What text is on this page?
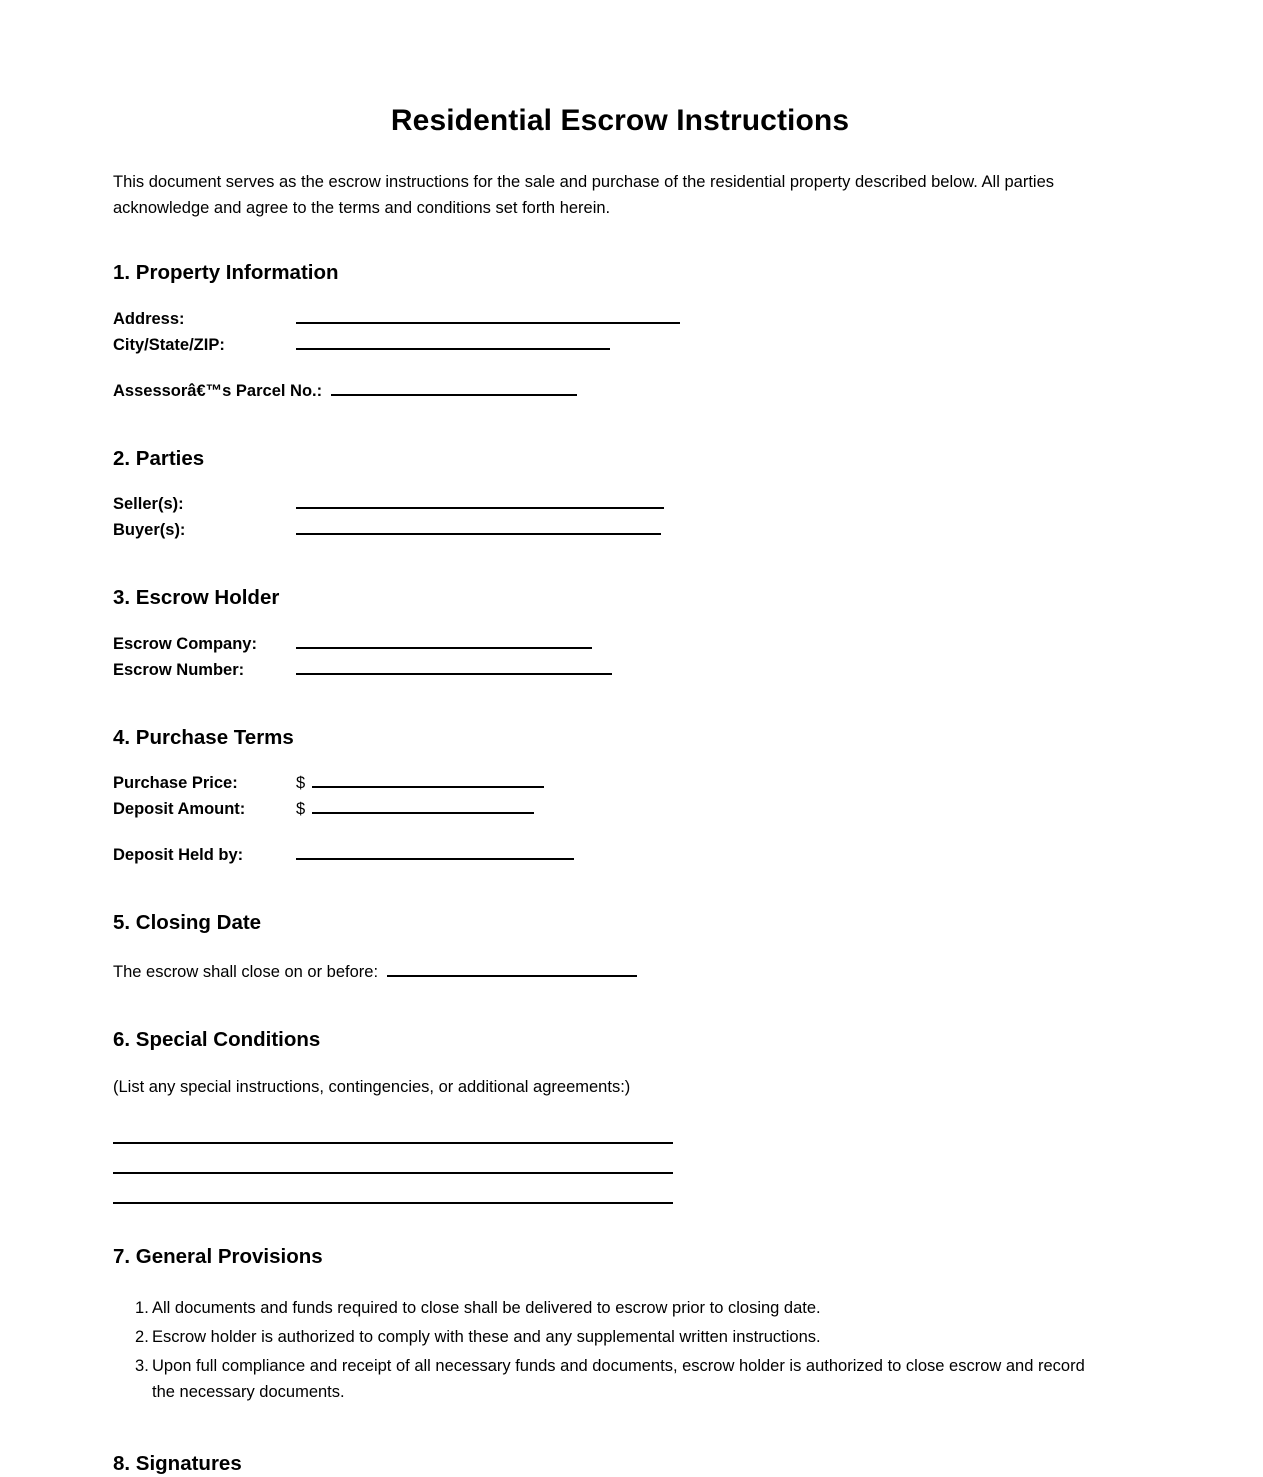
Residential Escrow Instructions

This document serves as the escrow instructions for the sale and purchase of the residential property described below. All parties acknowledge and agree to the terms and conditions set forth herein.

1. Property Information
Address:
City/State/ZIP:
Assessorâ€™s Parcel No.:
2. Parties
Seller(s):
Buyer(s):
3. Escrow Holder
Escrow Company:
Escrow Number:
4. Purchase Terms
Purchase Price:	$
Deposit Amount:	$
Deposit Held by:
5. Closing Date
The escrow shall close on or before:
6. Special Conditions

(List any special instructions, contingencies, or additional agreements:)

7. General Provisions
All documents and funds required to close shall be delivered to escrow prior to closing date.
Escrow holder is authorized to comply with these and any supplemental written instructions.
Upon full compliance and receipt of all necessary funds and documents, escrow holder is authorized to close escrow and record the necessary documents.
8. Signatures
